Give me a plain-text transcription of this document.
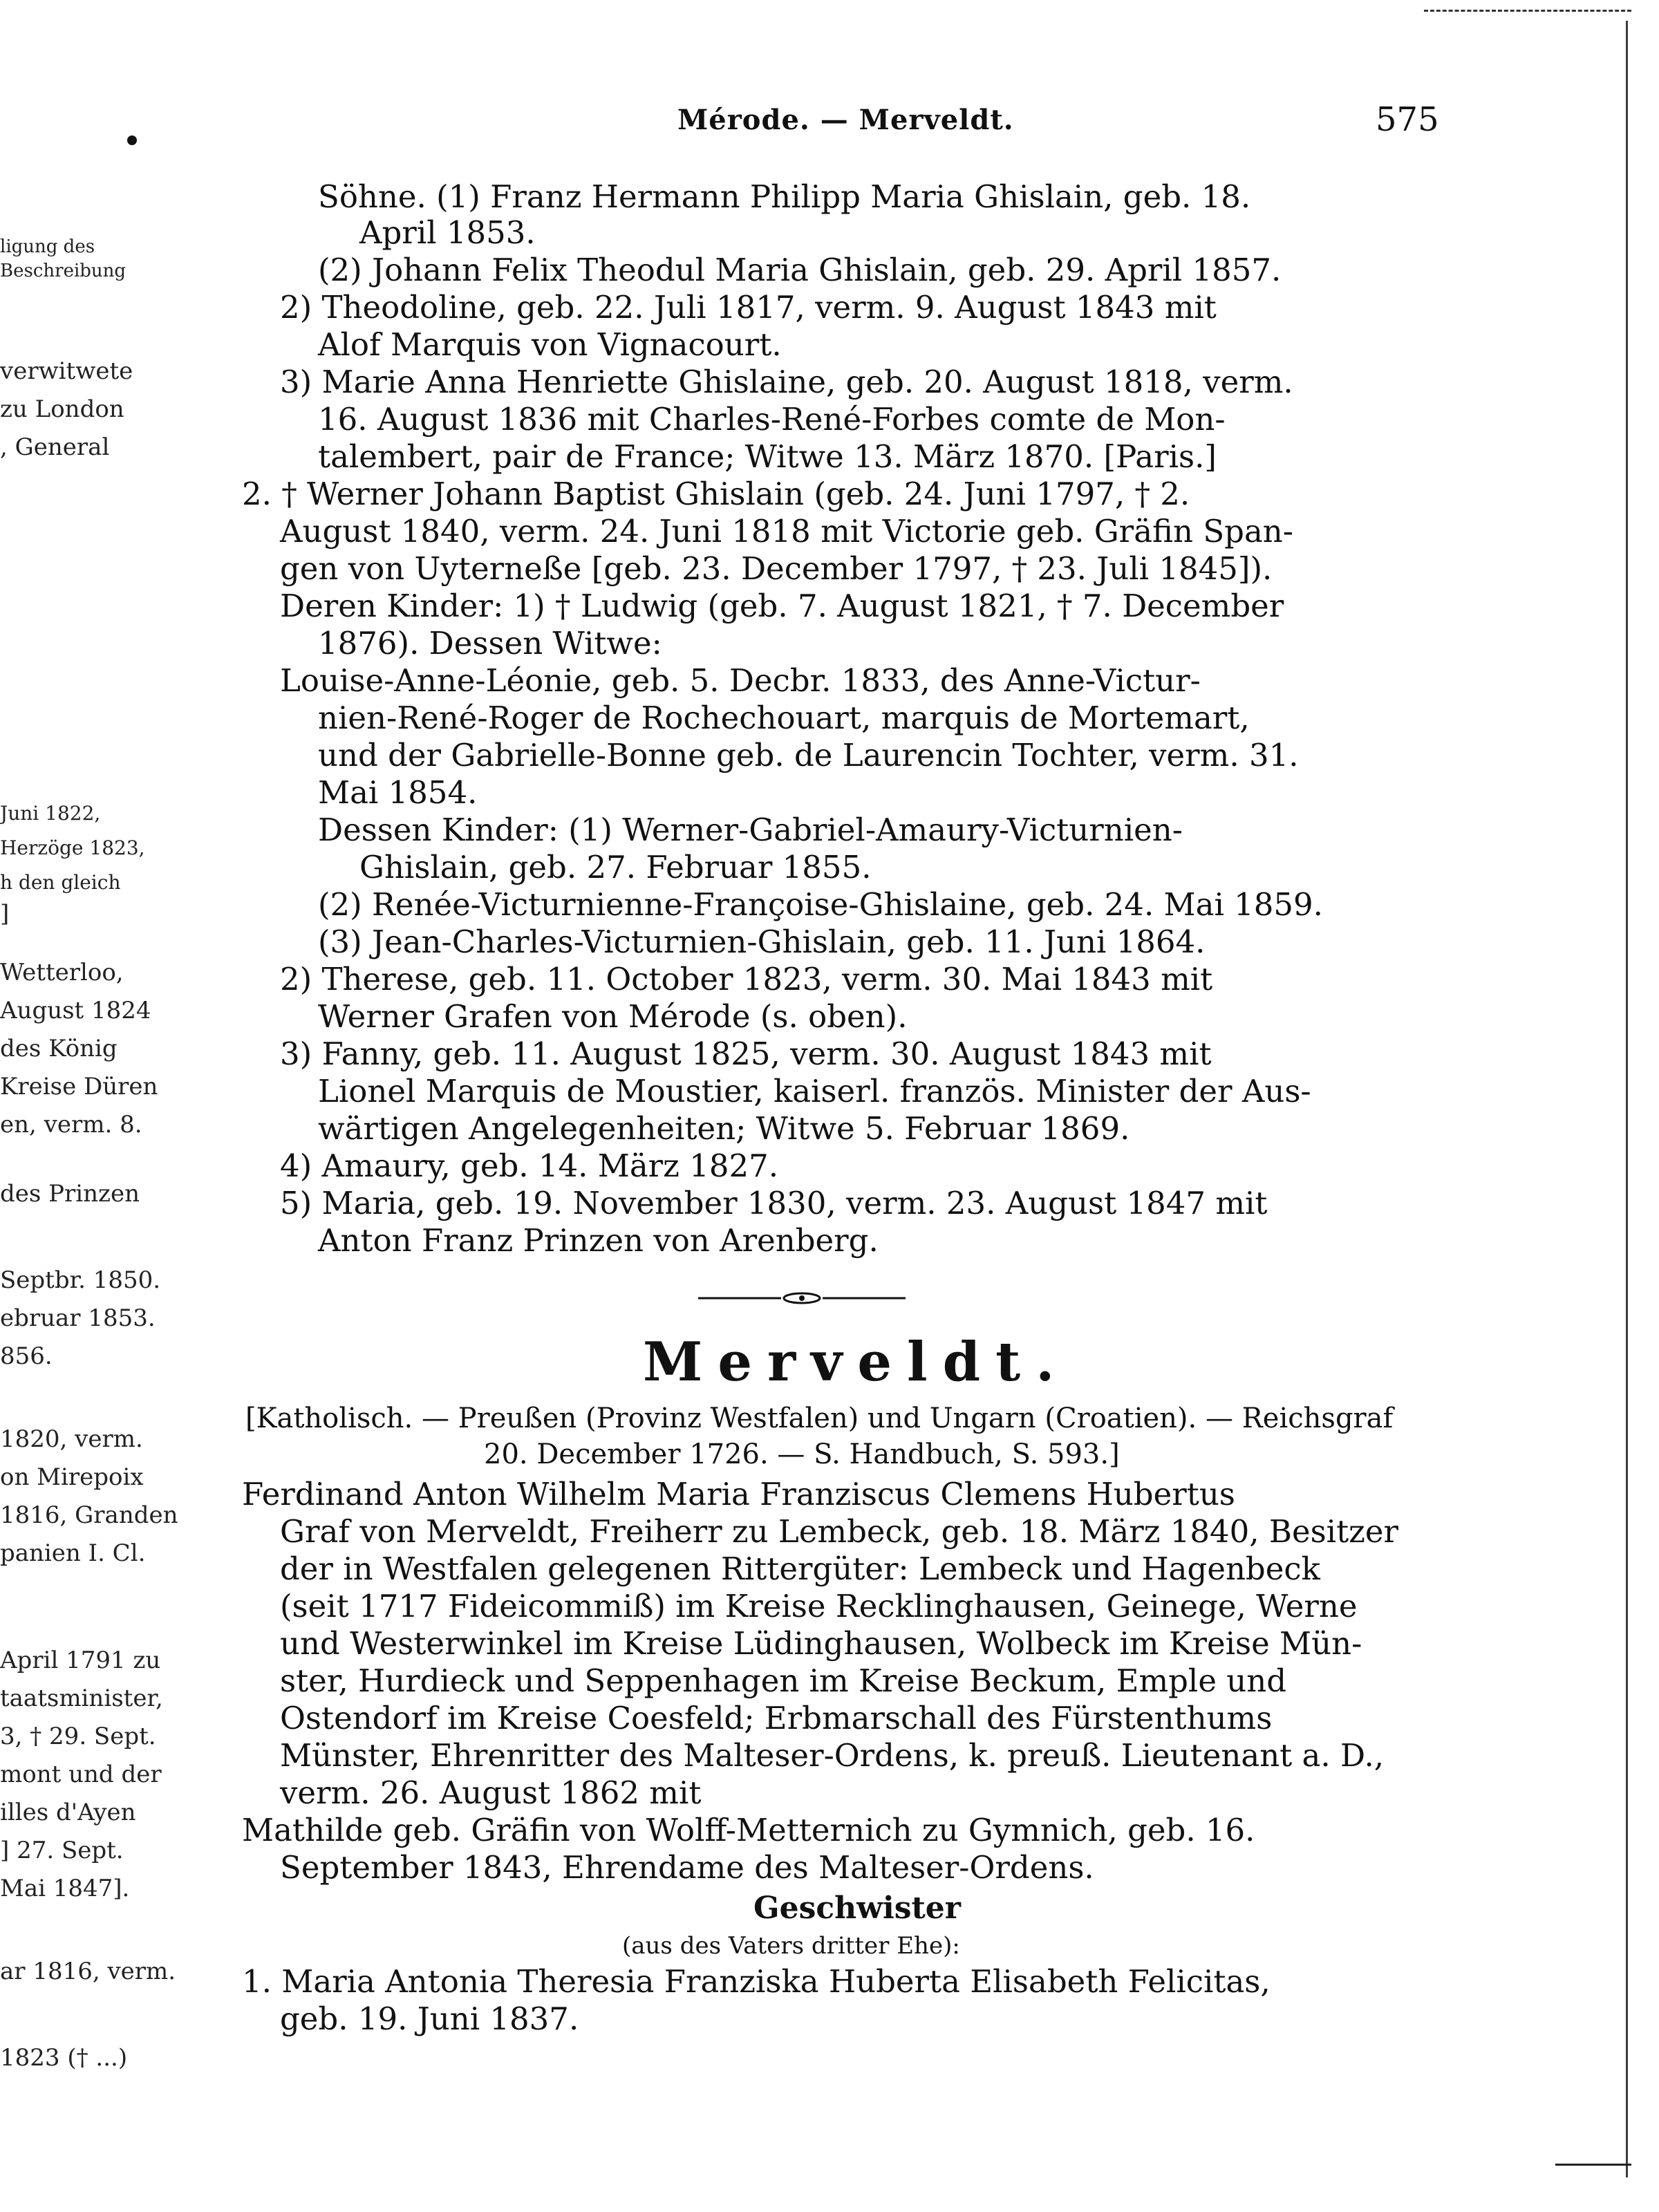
ligung des
Beschreibung
verwitwete
zu London
, General
Juni 1822,
Herzöge 1823,
h den gleich
]
Wetterloo,
August 1824
des König
Kreise Düren
en, verm. 8.
des Prinzen
Septbr. 1850.
ebruar 1853.
856.
1820, verm.
on Mirepoix
1816, Granden
panien I. Cl.
April 1791 zu
taatsminister,
3, † 29. Sept.
mont und der
illes d'Ayen
] 27. Sept.
Mai 1847].
ar 1816, verm.
1823 († ...)
Mérode. — Merveldt.	575
Söhne. (1) Franz Hermann Philipp Maria Ghislain, geb. 18.
April 1853.
(2) Johann Felix Theodul Maria Ghislain, geb. 29. April 1857.
2) Theodoline, geb. 22. Juli 1817, verm. 9. August 1843 mit
Alof Marquis von Vignacourt.
3) Marie Anna Henriette Ghislaine, geb. 20. August 1818, verm.
16. August 1836 mit Charles-René-Forbes comte de Mon-
talembert, pair de France; Witwe 13. März 1870. [Paris.]
2. † Werner Johann Baptist Ghislain (geb. 24. Juni 1797, † 2.
August 1840, verm. 24. Juni 1818 mit Victorie geb. Gräfin Span-
gen von Uyterneße [geb. 23. December 1797, † 23. Juli 1845]).
Deren Kinder: 1) † Ludwig (geb. 7. August 1821, † 7. December
1876). Dessen Witwe:
Louise-Anne-Léonie, geb. 5. Decbr. 1833, des Anne-Victur-
nien-René-Roger de Rochechouart, marquis de Mortemart,
und der Gabrielle-Bonne geb. de Laurencin Tochter, verm. 31.
Mai 1854.
Dessen Kinder: (1) Werner-Gabriel-Amaury-Victurnien-
Ghislain, geb. 27. Februar 1855.
(2) Renée-Victurnienne-Françoise-Ghislaine, geb. 24. Mai 1859.
(3) Jean-Charles-Victurnien-Ghislain, geb. 11. Juni 1864.
2) Therese, geb. 11. October 1823, verm. 30. Mai 1843 mit
Werner Grafen von Mérode (s. oben).
3) Fanny, geb. 11. August 1825, verm. 30. August 1843 mit
Lionel Marquis de Moustier, kaiserl. französ. Minister der Aus-
wärtigen Angelegenheiten; Witwe 5. Februar 1869.
4) Amaury, geb. 14. März 1827.
5) Maria, geb. 19. November 1830, verm. 23. August 1847 mit
Anton Franz Prinzen von Arenberg.
Merveldt.
[Katholisch. — Preußen (Provinz Westfalen) und Ungarn (Croatien). — Reichsgraf
20. December 1726. — S. Handbuch, S. 593.]
Ferdinand Anton Wilhelm Maria Franziscus Clemens Hubertus
Graf von Merveldt, Freiherr zu Lembeck, geb. 18. März 1840, Besitzer
der in Westfalen gelegenen Rittergüter: Lembeck und Hagenbeck
(seit 1717 Fideicommiß) im Kreise Recklinghausen, Geinege, Werne
und Westerwinkel im Kreise Lüdinghausen, Wolbeck im Kreise Mün-
ster, Hurdieck und Seppenhagen im Kreise Beckum, Emple und
Ostendorf im Kreise Coesfeld; Erbmarschall des Fürstenthums
Münster, Ehrenritter des Malteser-Ordens, k. preuß. Lieutenant a. D.,
verm. 26. August 1862 mit
Mathilde geb. Gräfin von Wolff-Metternich zu Gymnich, geb. 16.
September 1843, Ehrendame des Malteser-Ordens.
Geschwister
(aus des Vaters dritter Ehe):
1. Maria Antonia Theresia Franziska Huberta Elisabeth Felicitas,
geb. 19. Juni 1837.
